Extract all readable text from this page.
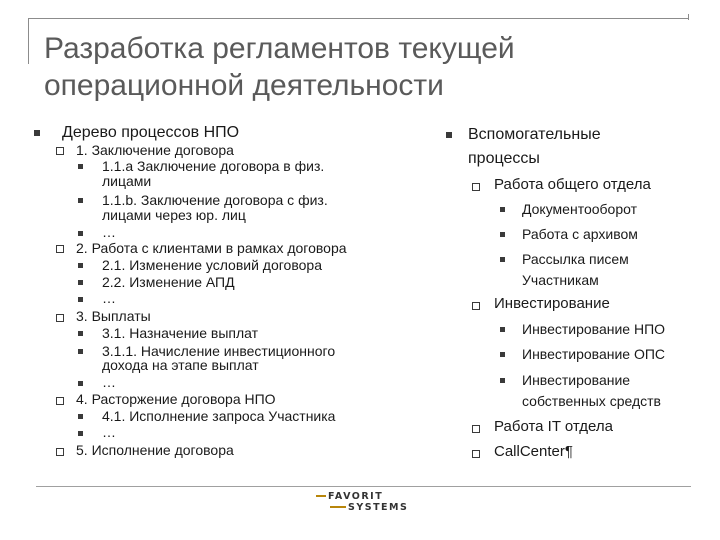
Разработка регламентов текущей
операционной деятельности
Дерево процессов НПО
1. Заключение договора
1.1.a Заключение договора в физ.
лицами
1.1.b. Заключение договора с физ.
лицами через юр. лиц
…
2. Работа с клиентами в рамках договора
2.1. Изменение условий договора
2.2. Изменение АПД
…
3. Выплаты
3.1. Назначение выплат
3.1.1. Начисление инвестиционного
дохода на этапе выплат
…
4. Расторжение договора НПО
4.1. Исполнение запроса Участника
…
5. Исполнение договора
Вспомогательные
процессы
Работа общего отдела
Документооборот
Работа с архивом
Рассылка писем
Участникам
Инвестирование
Инвестирование НПО
Инвестирование ОПС
Инвестирование
собственных средств
Работа IT отдела
CallCenter¶
FAVORIT
SYSTEMS
